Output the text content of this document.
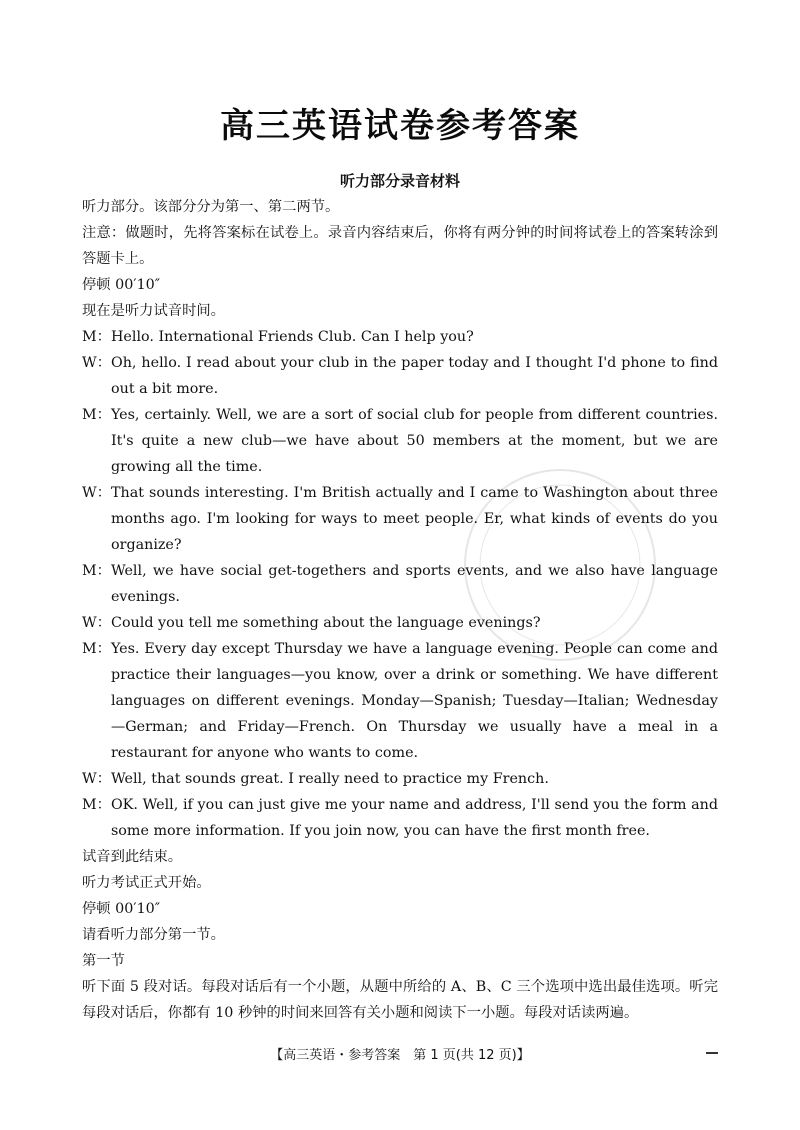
高三英语试卷参考答案
听力部分录音材料

听力部分。该部分分为第一、第二两节。

注意：做题时，先将答案标在试卷上。录音内容结束后，你将有两分钟的时间将试卷上的答案转涂到答题卡上。

停顿 00′10″

现在是听力试音时间。

M： Hello. International Friends Club. Can I help you?
W： Oh, hello. I read about your club in the paper today and I thought I'd phone to find out a bit more.
M： Yes, certainly. Well, we are a sort of social club for people from different countries. It's quite a new club—we have about 50 members at the moment, but we are growing all the time.
W： That sounds interesting. I'm British actually and I came to Washington about three months ago. I'm looking for ways to meet people. Er, what kinds of events do you organize?
M： Well, we have social get-togethers and sports events, and we also have language evenings.
W： Could you tell me something about the language evenings?
M： Yes. Every day except Thursday we have a language evening. People can come and practice their languages—you know, over a drink or something. We have different languages on different evenings. Monday—Spanish; Tuesday—Italian; Wednesday—German; and Friday—French. On Thursday we usually have a meal in a restaurant for anyone who wants to come.
W： Well, that sounds great. I really need to practice my French.
M： OK. Well, if you can just give me your name and address, I'll send you the form and some more information. If you join now, you can have the first month free.

试音到此结束。

听力考试正式开始。

停顿 00′10″

请看听力部分第一节。

第一节

听下面 5 段对话。每段对话后有一个小题，从题中所给的 A、B、C 三个选项中选出最佳选项。听完每段对话后，你都有 10 秒钟的时间来回答有关小题和阅读下一小题。每段对话读两遍。

【高三英语・参考答案　第 1 页(共 12 页)】
